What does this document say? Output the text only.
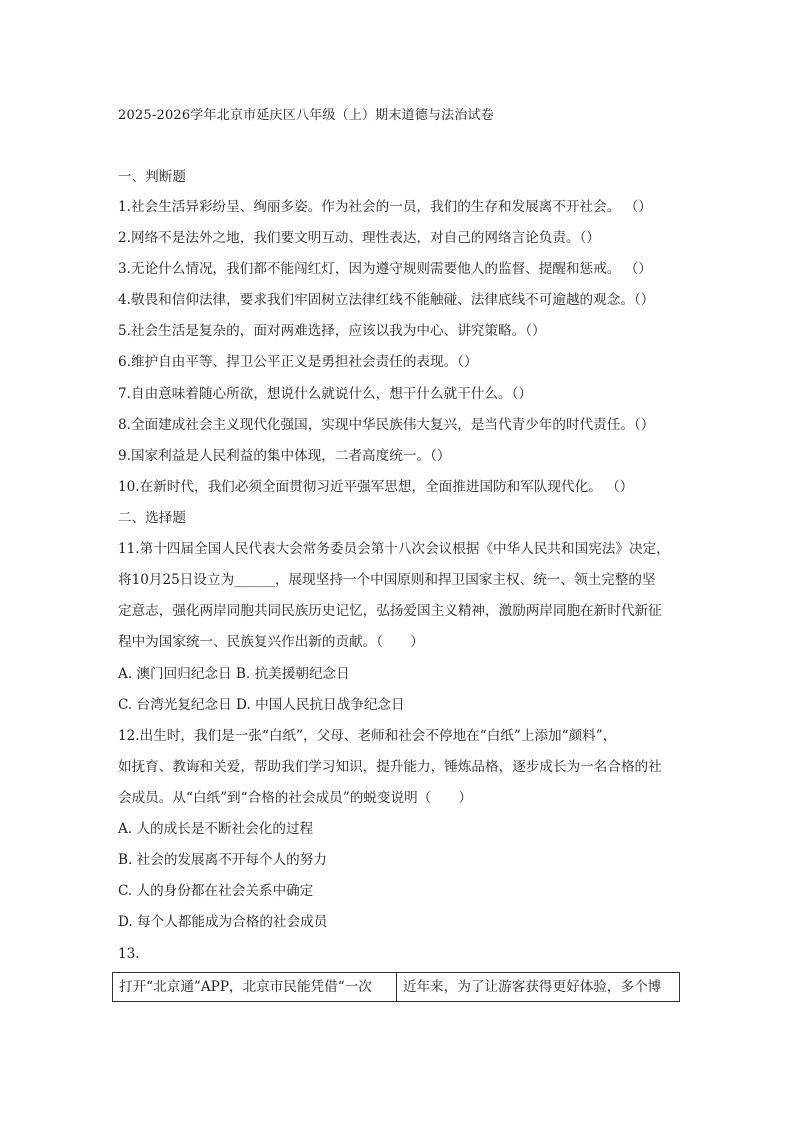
2025-2026学年北京市延庆区八年级（上）期末道德与法治试卷
一、判断题
1.社会生活异彩纷呈、绚丽多姿。作为社会的一员，我们的生存和发展离不开社会。 （）
2.网络不是法外之地，我们要文明互动、理性表达，对自己的网络言论负责。（）
3.无论什么情况，我们都不能闯红灯，因为遵守规则需要他人的监督、提醒和惩戒。 （）
4.敬畏和信仰法律，要求我们牢固树立法律红线不能触碰、法律底线不可逾越的观念。（）
5.社会生活是复杂的，面对两难选择，应该以我为中心、讲究策略。（）
6.维护自由平等、捍卫公平正义是勇担社会责任的表现。（）
7.自由意味着随心所欲，想说什么就说什么，想干什么就干什么。（）
8.全面建成社会主义现代化强国，实现中华民族伟大复兴，是当代青少年的时代责任。（）
9.国家利益是人民利益的集中体现，二者高度统一。（）
10.在新时代，我们必须全面贯彻习近平强军思想，全面推进国防和军队现代化。 （）
二、选择题
11.第十四届全国人民代表大会常务委员会第十八次会议根据《中华人民共和国宪法》决定，
将10月25日设立为______，展现坚持一个中国原则和捍卫国家主权、统一、领土完整的坚
定意志，强化两岸同胞共同民族历史记忆，弘扬爱国主义精神，激励两岸同胞在新时代新征
程中为国家统一、民族复兴作出新的贡献。（　　）
A. 澳门回归纪念日 B. 抗美援朝纪念日
C. 台湾光复纪念日 D. 中国人民抗日战争纪念日
12.出生时，我们是一张“白纸”，父母、老师和社会不停地在“白纸”上添加“颜料”，
如抚育、教诲和关爱，帮助我们学习知识，提升能力，锤炼品格，逐步成长为一名合格的社
会成员。从“白纸”到“合格的社会成员”的蜕变说明（　　）
A. 人的成长是不断社会化的过程
B. 社会的发展离不开每个人的努力
C. 人的身份都在社会关系中确定
D. 每个人都能成为合格的社会成员
13.
打开“北京通”APP，北京市民能凭借“一次	近年来，为了让游客获得更好体验，多个博
